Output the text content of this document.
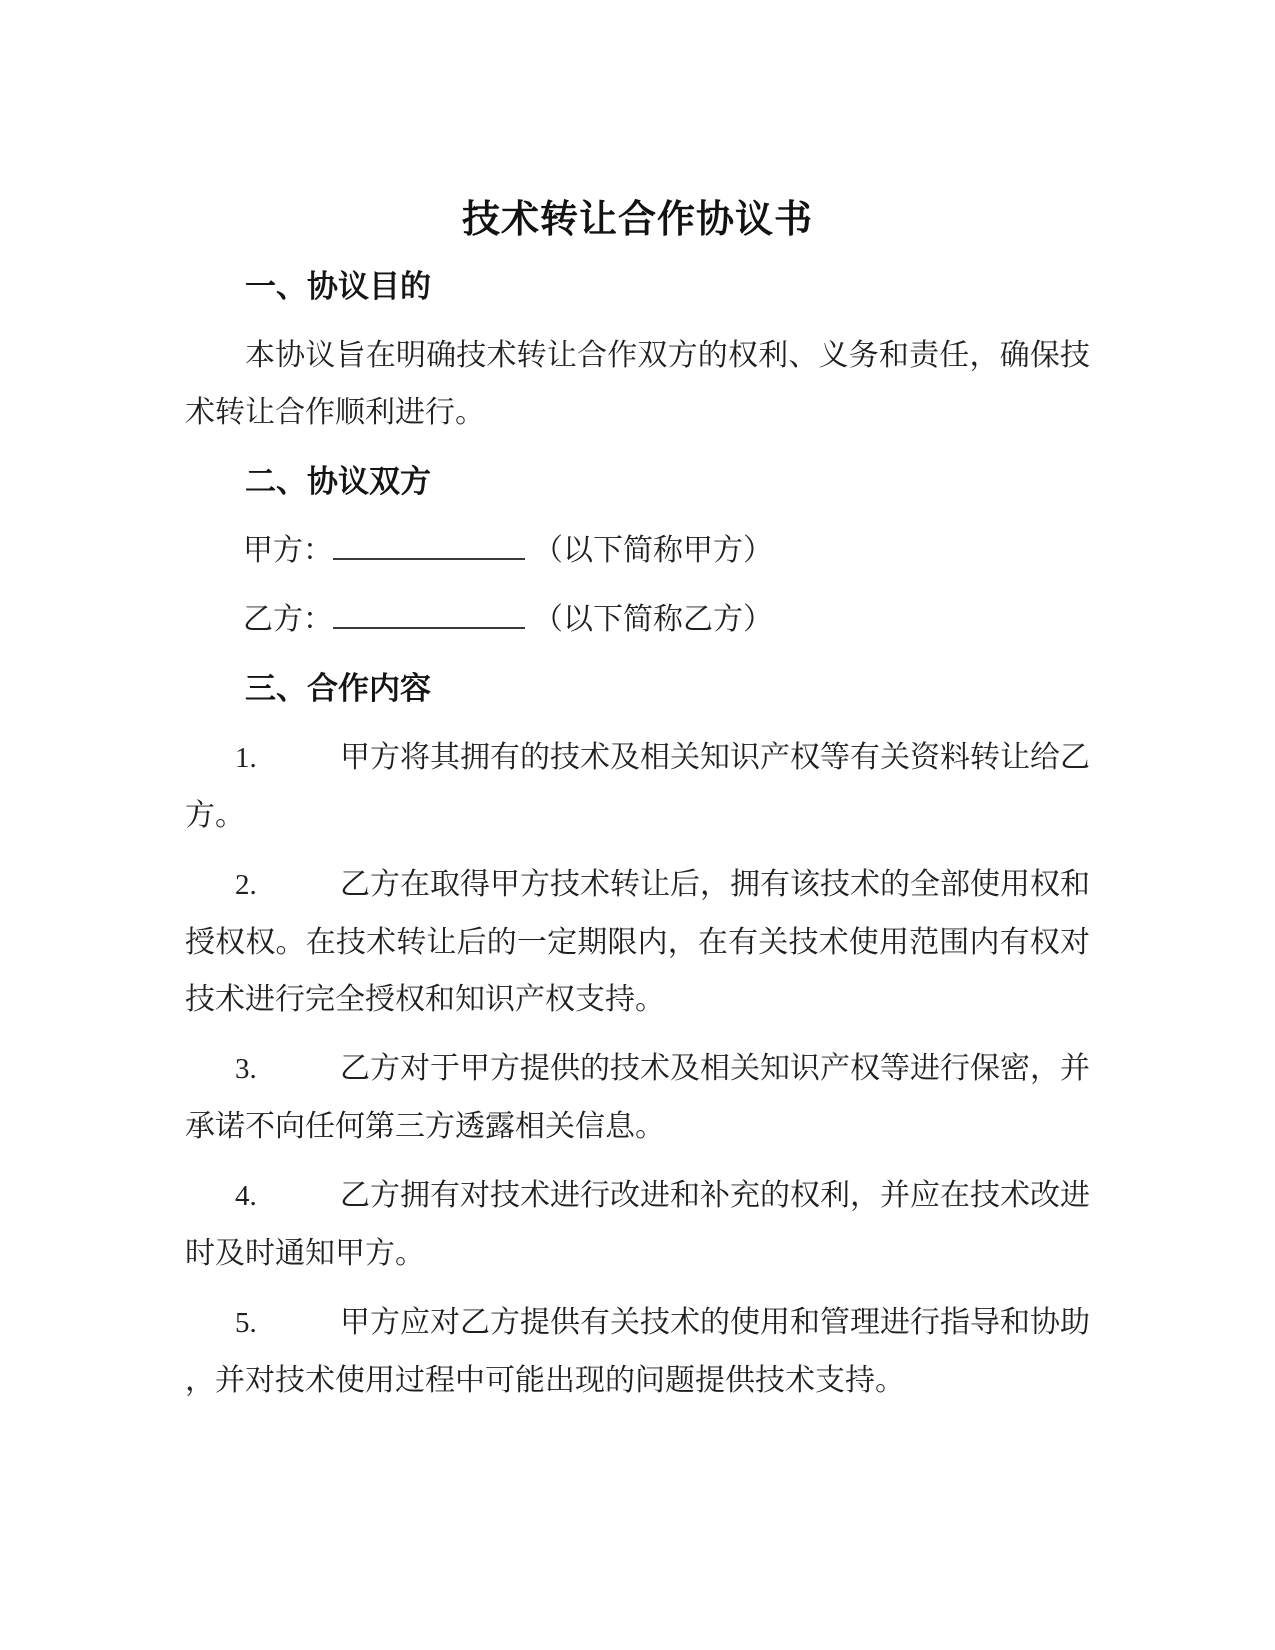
技术转让合作协议书
一、协议目的

本协议旨在明确技术转让合作双方的权利、义务和责任，确保技术转让合作顺利进行。

二、协议双方

甲方：	（以下简称甲方）

乙方：	（以下简称乙方）

三、合作内容

1.	甲方将其拥有的技术及相关知识产权等有关资料转让给乙方。

2.	乙方在取得甲方技术转让后，拥有该技术的全部使用权和授权权。在技术转让后的一定期限内，在有关技术使用范围内有权对技术进行完全授权和知识产权支持。

3.	乙方对于甲方提供的技术及相关知识产权等进行保密，并承诺不向任何第三方透露相关信息。

4.	乙方拥有对技术进行改进和补充的权利，并应在技术改进时及时通知甲方。

5.	甲方应对乙方提供有关技术的使用和管理进行指导和协助，并对技术使用过程中可能出现的问题提供技术支持。
